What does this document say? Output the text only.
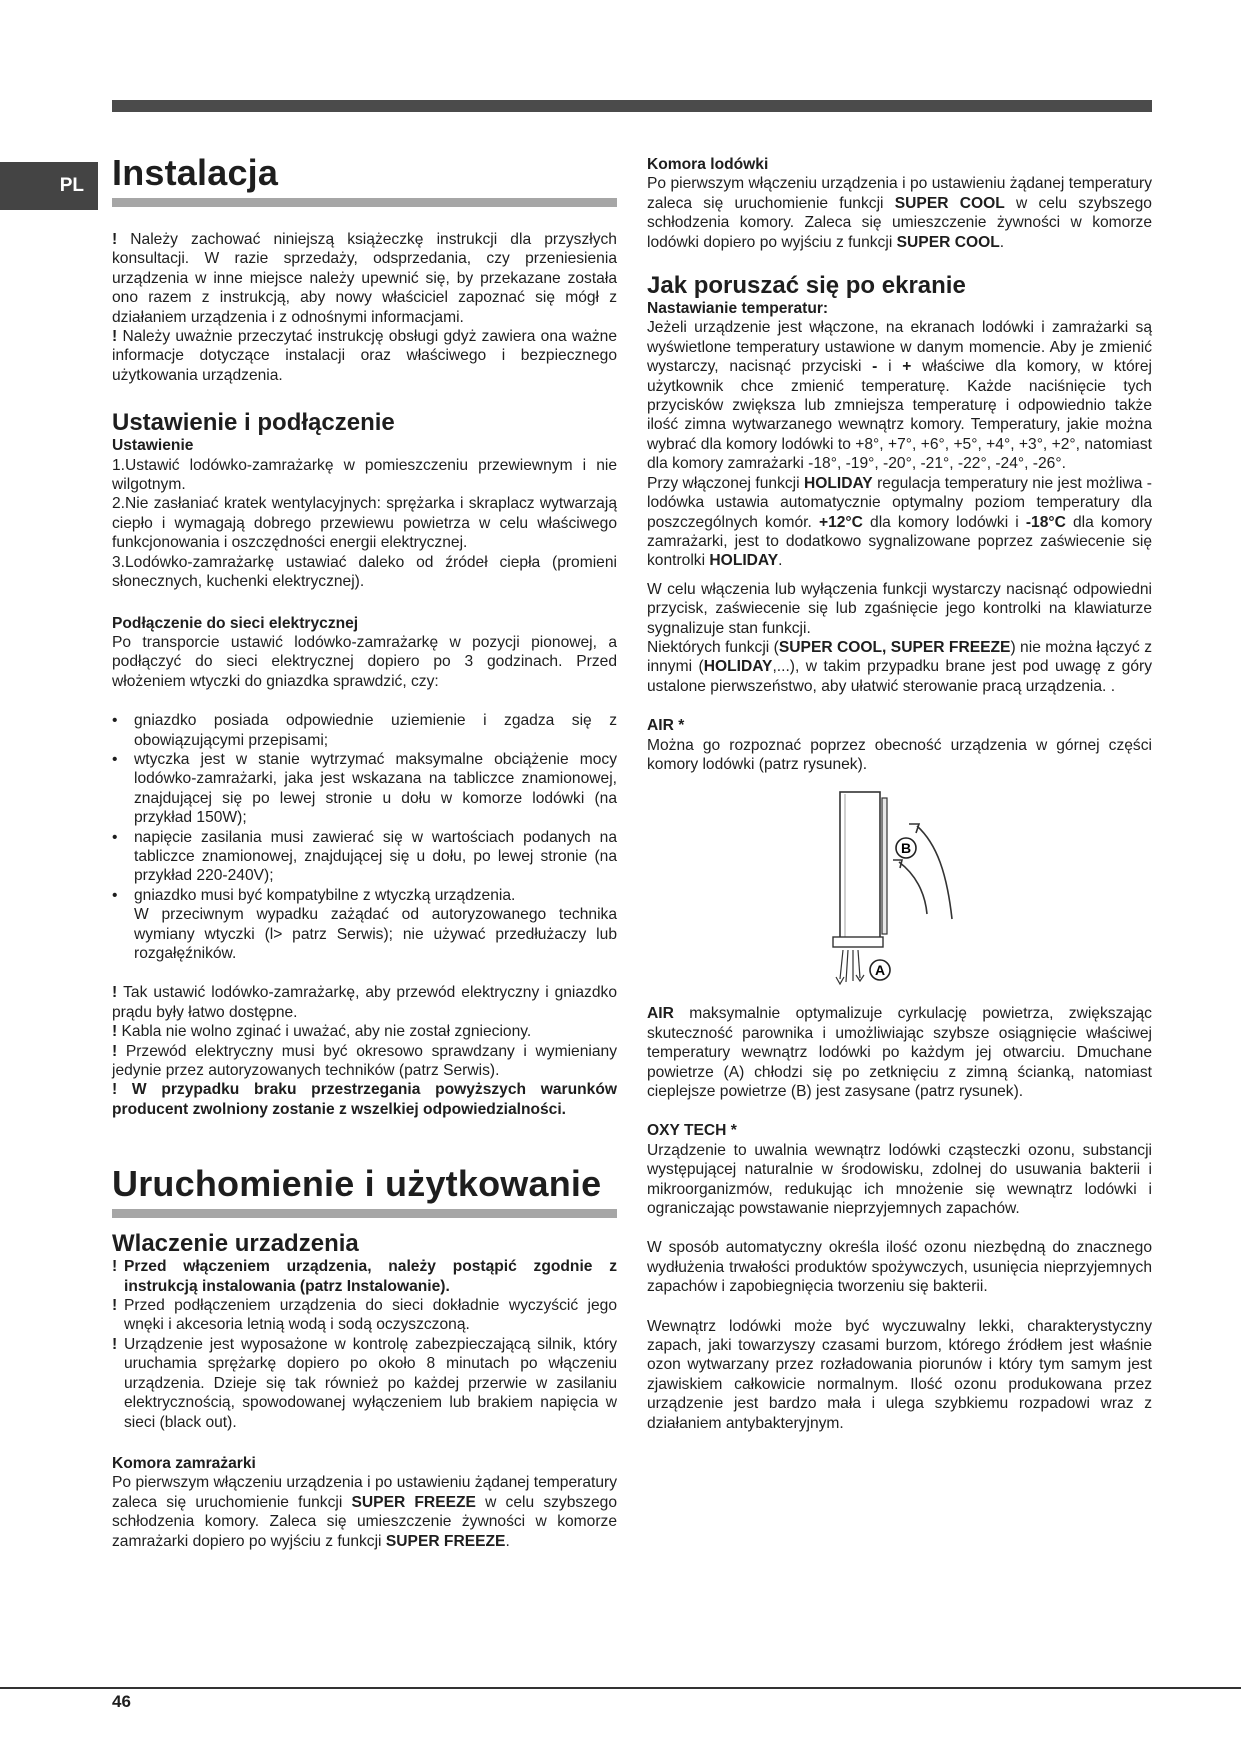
PL Instalacja

! Należy zachować niniejszą książeczkę instrukcji dla przyszłych konsultacji. W razie sprzedaży, odsprzedania, czy przeniesienia urządzenia w inne miejsce należy upewnić się, by przekazane została ono razem z instrukcją, aby nowy właściciel zapoznać się mógł z działaniem urządzenia i z odnośnymi informacjami.

! Należy uważnie przeczytać instrukcję obsługi gdyż zawiera ona ważne informacje dotyczące instalacji oraz właściwego i bezpiecznego użytkowania urządzenia.

Ustawienie i podłączenie
Ustawienie

1.Ustawić lodówko-zamrażarkę w pomieszczeniu przewiewnym i nie wilgotnym.

2.Nie zasłaniać kratek wentylacyjnych: sprężarka i skraplacz wytwarzają ciepło i wymagają dobrego przewiewu powietrza w celu właściwego funkcjonowania i oszczędności energii elektrycznej.

3.Lodówko-zamrażarkę ustawiać daleko od źródeł ciepła (promieni słonecznych, kuchenki elektrycznej).

Podłączenie do sieci elektrycznej

Po transporcie ustawić lodówko-zamrażarkę w pozycji pionowej, a podłączyć do sieci elektrycznej dopiero po 3 godzinach. Przed włożeniem wtyczki do gniazdka sprawdzić, czy:

• gniazdko posiada odpowiednie uziemienie i zgadza się z obowiązującymi przepisami;
• wtyczka jest w stanie wytrzymać maksymalne obciążenie mocy lodówko-zamrażarki, jaka jest wskazana na tabliczce znamionowej, znajdującej się po lewej stronie u dołu w komorze lodówki (na przykład 150W);
• napięcie zasilania musi zawierać się w wartościach podanych na tabliczce znamionowej, znajdującej się u dołu, po lewej stronie (na przykład 220-240V);
• gniazdko musi być kompatybilne z wtyczką urządzenia.
W przeciwnym wypadku zażądać od autoryzowanego technika wymiany wtyczki (l> patrz Serwis); nie używać przedłużaczy lub rozgałęźników.

! Tak ustawić lodówko-zamrażarkę, aby przewód elektryczny i gniazdko prądu były łatwo dostępne.

! Kabla nie wolno zginać i uważać, aby nie został zgnieciony.

! Przewód elektryczny musi być okresowo sprawdzany i wymieniany jedynie przez autoryzowanych techników (patrz Serwis).

! W przypadku braku przestrzegania powyższych warunków producent zwolniony zostanie z wszelkiej odpowiedzialności.

Uruchomienie i użytkowanie
Wlaczenie urzadzenia
! Przed włączeniem urządzenia, należy postąpić zgodnie z instrukcją instalowania (patrz Instalowanie).
! Przed podłączeniem urządzenia do sieci dokładnie wyczyścić jego wnęki i akcesoria letnią wodą i sodą oczyszczoną.
! Urządzenie jest wyposażone w kontrolę zabezpieczającą silnik, który uruchamia sprężarkę dopiero po około 8 minutach po włączeniu urządzenia. Dzieje się tak również po każdej przerwie w zasilaniu elektrycznością, spowodowanej wyłączeniem lub brakiem napięcia w sieci (black out).
Komora zamrażarki

Po pierwszym włączeniu urządzenia i po ustawieniu żądanej temperatury zaleca się uruchomienie funkcji SUPER FREEZE w celu szybszego schłodzenia komory. Zaleca się umieszczenie żywności w komorze zamrażarki dopiero po wyjściu z funkcji SUPER FREEZE.

Komora lodówki

Po pierwszym włączeniu urządzenia i po ustawieniu żądanej temperatury zaleca się uruchomienie funkcji SUPER COOL w celu szybszego schłodzenia komory. Zaleca się umieszczenie żywności w komorze lodówki dopiero po wyjściu z funkcji SUPER COOL.

Jak poruszać się po ekranie
Nastawianie temperatur:

Jeżeli urządzenie jest włączone, na ekranach lodówki i zamrażarki są wyświetlone temperatury ustawione w danym momencie. Aby je zmienić wystarczy, nacisnąć przyciski - i + właściwe dla komory, w której użytkownik chce zmienić temperaturę. Każde naciśnięcie tych przycisków zwiększa lub zmniejsza temperaturę i odpowiednio także ilość zimna wytwarzanego wewnątrz komory. Temperatury, jakie można wybrać dla komory lodówki to +8°, +7°, +6°, +5°, +4°, +3°, +2°, natomiast dla komory zamrażarki -18°, -19°, -20°, -21°, -22°, -24°, -26°.

Przy włączonej funkcji HOLIDAY regulacja temperatury nie jest możliwa - lodówka ustawia automatycznie optymalny poziom temperatury dla poszczególnych komór. +12°C dla komory lodówki i -18°C dla komory zamrażarki, jest to dodatkowo sygnalizowane poprzez zaświecenie się kontrolki HOLIDAY.

W celu włączenia lub wyłączenia funkcji wystarczy nacisnąć odpowiedni przycisk, zaświecenie się lub zgaśnięcie jego kontrolki na klawiaturze sygnalizuje stan funkcji.

Niektórych funkcji (SUPER COOL, SUPER FREEZE) nie można łączyć z innymi (HOLIDAY,...), w takim przypadku brane jest pod uwagę z góry ustalone pierwszeństwo, aby ułatwić sterowanie pracą urządzenia. .

AIR *

Można go rozpoznać poprzez obecność urządzenia w górnej części komory lodówki (patrz rysunek).

A
B

AIR maksymalnie optymalizuje cyrkulację powietrza, zwiększając skuteczność parownika i umożliwiając szybsze osiągnięcie właściwej temperatury wewnątrz lodówki po każdym jej otwarciu. Dmuchane powietrze (A) chłodzi się po zetknięciu z zimną ścianką, natomiast cieplejsze powietrze (B) jest zasysane (patrz rysunek).

OXY TECH *

Urządzenie to uwalnia wewnątrz lodówki cząsteczki ozonu, substancji występującej naturalnie w środowisku, zdolnej do usuwania bakterii i mikroorganizmów, redukując ich mnożenie się wewnątrz lodówki i ograniczając powstawanie nieprzyjemnych zapachów.

W sposób automatyczny określa ilość ozonu niezbędną do znacznego wydłużenia trwałości produktów spożywczych, usunięcia nieprzyjemnych zapachów i zapobiegnięcia tworzeniu się bakterii.

Wewnątrz lodówki może być wyczuwalny lekki, charakterystyczny zapach, jaki towarzyszy czasami burzom, którego źródłem jest właśnie ozon wytwarzany przez rozładowania piorunów i który tym samym jest zjawiskiem całkowicie normalnym. Ilość ozonu produkowana przez urządzenie jest bardzo mała i ulega szybkiemu rozpadowi wraz z działaniem antybakteryjnym.

46
